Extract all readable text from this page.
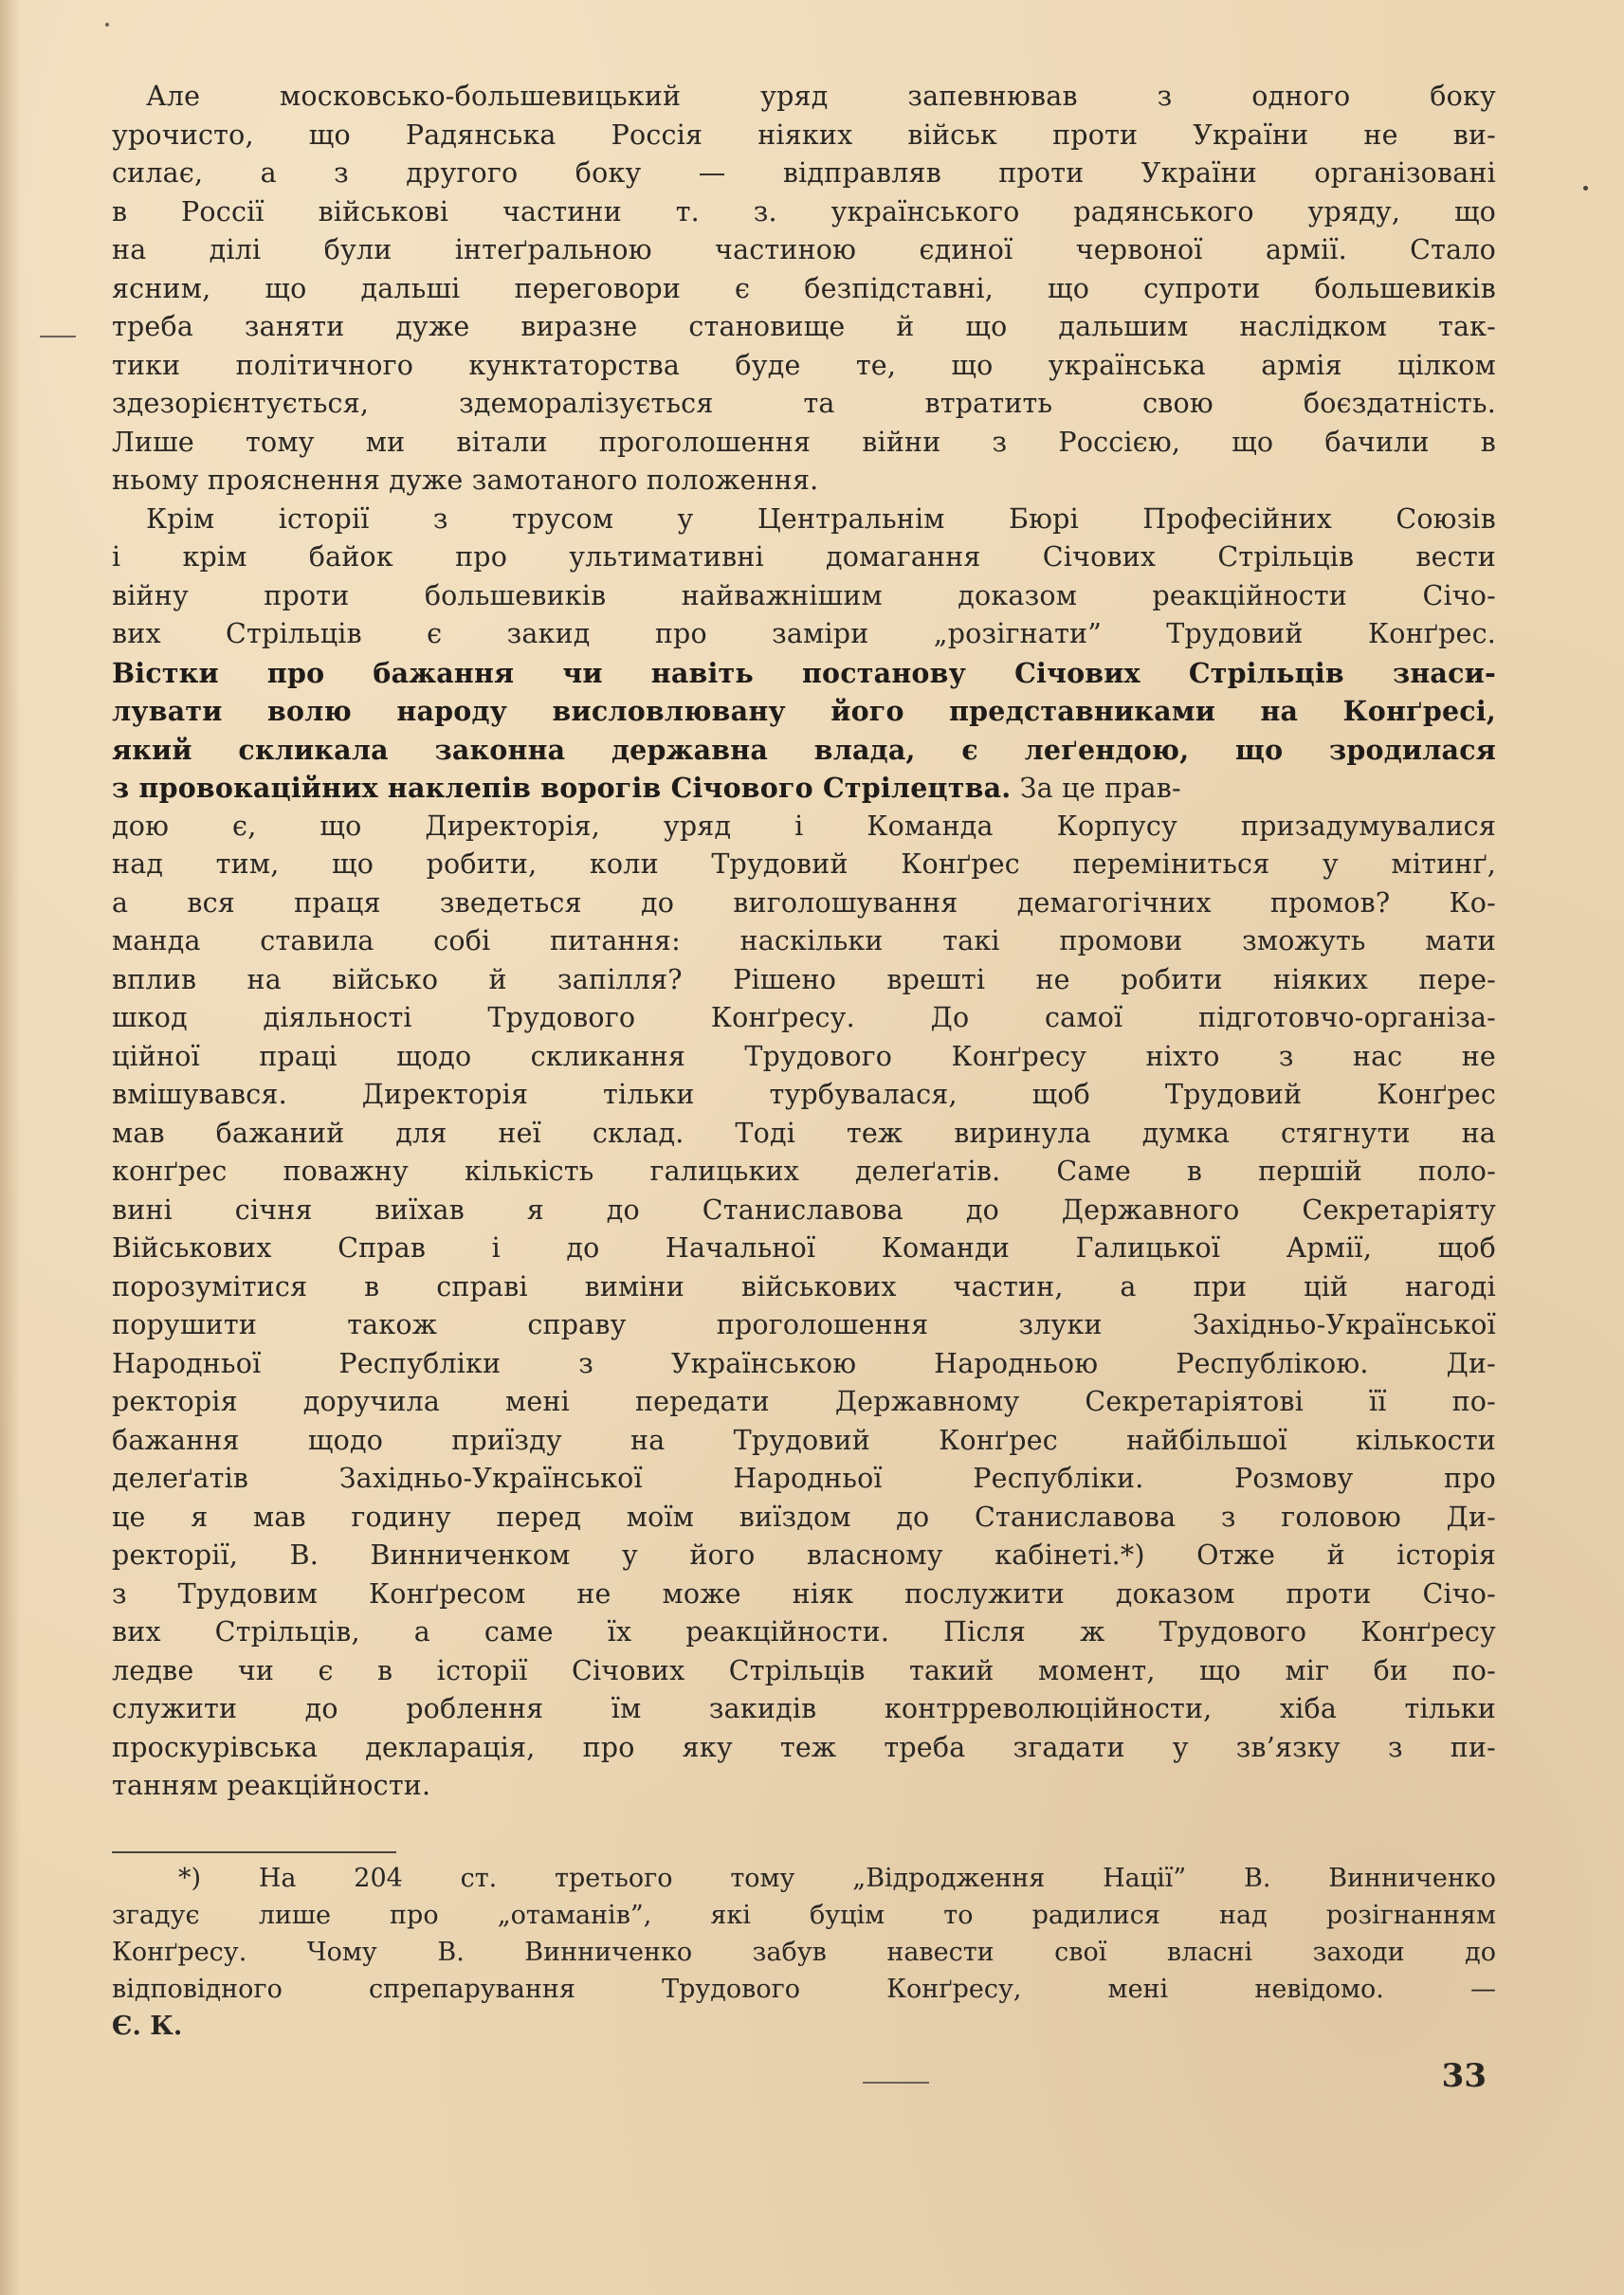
Але московсько-большевицький уряд запевнював з одного боку
урочисто, що Радянська Россія ніяких військ проти України не ви-
силає, а з другого боку — відправляв проти України організовані
в Россії військові частини т. з. українського радянського уряду, що
на ділі були інтеґральною частиною єдиної червоної армії. Стало
ясним, що дальші переговори є безпідставні, що супроти большевиків
треба заняти дуже виразне становище й що дальшим наслідком так-
тики політичного кунктаторства буде те, що українська армія цілком
здезорієнтується, здеморалізується та втратить свою боєздатність.
Лише тому ми вітали проголошення війни з Россією, що бачили в
ньому прояснення дуже замотаного положення.
Крім історії з трусом у Центральнім Бюрі Професійних Союзів
і крім байок про ультимативні домагання Січових Стрільців вести
війну проти большевиків найважнішим доказом реакційности Січо-
вих Стрільців є закид про заміри „розігнати” Трудовий Конґрес.
Вістки про бажання чи навіть постанову Січових Стрільців знаси-
лувати волю народу висловлювану його представниками на Конґресі,
який скликала законна державна влада, є леґендою, що зродилася
з провокаційних наклепів ворогів Січового Стрілецтва. За це прав-
дою є, що Директорія, уряд і Команда Корпусу призадумувалися
над тим, що робити, коли Трудовий Конґрес переміниться у мітинґ,
а вся праця зведеться до виголошування демагогічних промов? Ко-
манда ставила собі питання: наскільки такі промови зможуть мати
вплив на військо й запілля? Рішено врешті не робити ніяких пере-
шкод діяльності Трудового Конґресу. До самої підготовчо-організа-
ційної праці щодо скликання Трудового Конґресу ніхто з нас не
вмішувався. Директорія тільки турбувалася, щоб Трудовий Конґрес
мав бажаний для неї склад. Тоді теж виринула думка стягнути на
конґрес поважну кількість галицьких делеґатів. Саме в першій поло-
вині січня виїхав я до Станиславова до Державного Секретаріяту
Військових Справ і до Начальної Команди Галицької Армії, щоб
порозумітися в справі виміни військових частин, а при цій нагоді
порушити також справу проголошення злуки Західньо-Української
Народньої Республіки з Українською Народньою Республікою. Ди-
ректорія доручила мені передати Державному Секретаріятові її по-
бажання щодо приїзду на Трудовий Конґрес найбільшої кількости
делеґатів Західньо-Української Народньої Республіки. Розмову про
це я мав годину перед моїм виїздом до Станиславова з головою Ди-
ректорії, В. Винниченком у його власному кабінеті.*) Отже й історія
з Трудовим Конґресом не може ніяк послужити доказом проти Січо-
вих Стрільців, а саме їх реакційности. Після ж Трудового Конґресу
ледве чи є в історії Січових Стрільців такий момент, що міг би по-
служити до роблення їм закидів контрреволюційности, хіба тільки
проскурівська декларація, про яку теж треба згадати у зв’язку з пи-
танням реакційности.
*) На 204 ст. третього тому „Відродження Нації” В. Винниченко
згадує лише про „отаманів”, які буцім то радилися над розігнанням
Конґресу. Чому В. Винниченко забув навести свої власні заходи до
відповідного спрепарування Трудового Конґресу, мені невідомо. —
Є. К.
33
